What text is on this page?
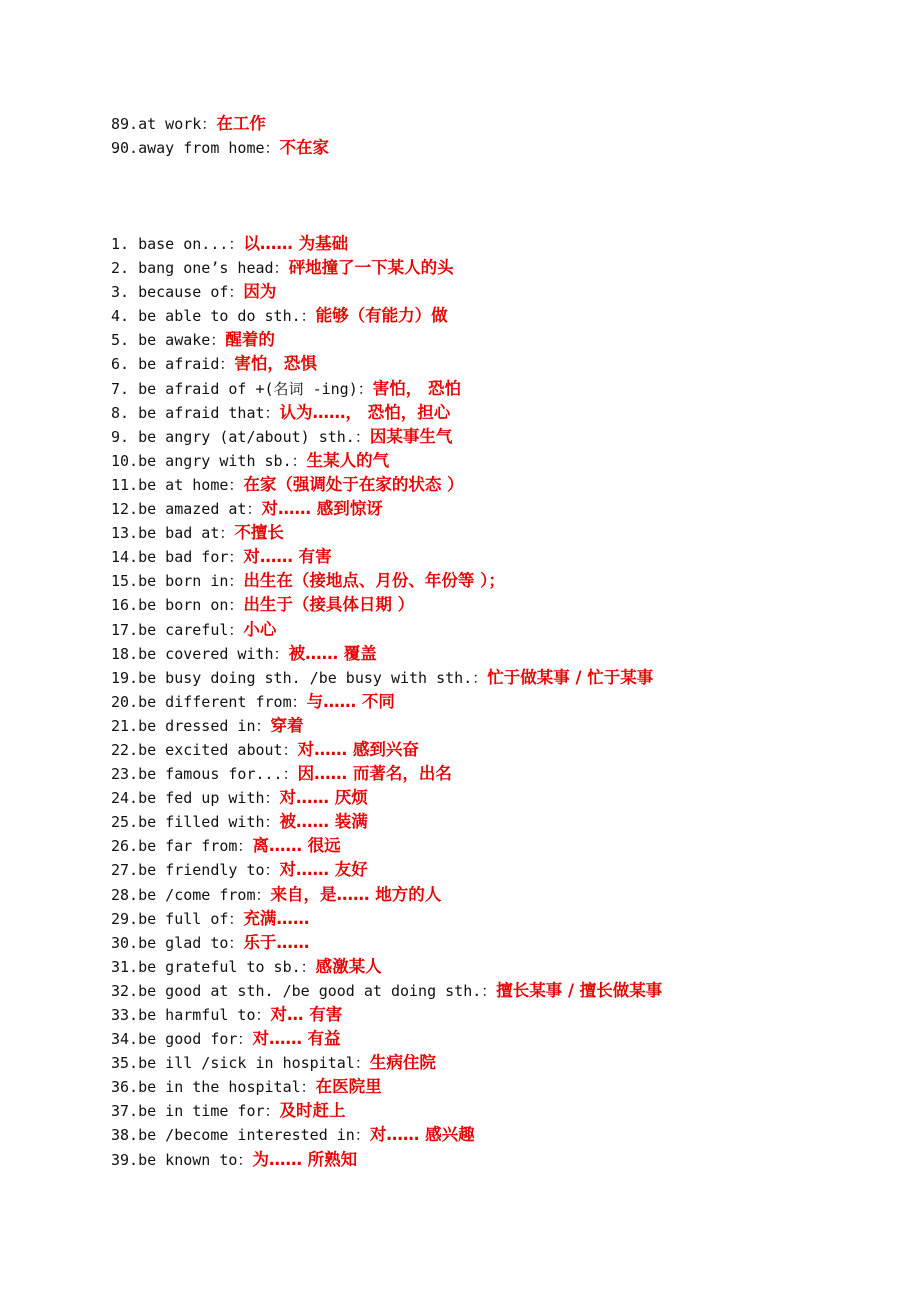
89.at work：在工作
90.away from home：不在家
1. base on...：以…… 为基础
2. bang one’s head：砰地撞了一下某人的头
3. because of：因为
4. be able to do sth.：能够（有能力）做
5. be awake：醒着的
6. be afraid：害怕，恐惧
7. be afraid of +(名词 -ing)：害怕， 恐怕
8. be afraid that：认为……， 恐怕，担心
9. be angry (at/about) sth.：因某事生气
10.be angry with sb.：生某人的气
11.be at home：在家（强调处于在家的状态 ）
12.be amazed at：对…… 感到惊讶
13.be bad at：不擅长
14.be bad for：对…… 有害
15.be born in：出生在（接地点、月份、年份等 ）；
16.be born on：出生于（接具体日期 ）
17.be careful：小心
18.be covered with：被…… 覆盖
19.be busy doing sth. /be busy with sth.：忙于做某事 / 忙于某事
20.be different from：与…… 不同
21.be dressed in：穿着
22.be excited about：对…… 感到兴奋
23.be famous for...：因…… 而著名，出名
24.be fed up with：对…… 厌烦
25.be filled with：被…… 装满
26.be far from：离…… 很远
27.be friendly to：对…… 友好
28.be /come from：来自，是…… 地方的人
29.be full of：充满……
30.be glad to：乐于……
31.be grateful to sb.：感激某人
32.be good at sth. /be good at doing sth.：擅长某事 / 擅长做某事
33.be harmful to：对… 有害
34.be good for：对…… 有益
35.be ill /sick in hospital：生病住院
36.be in the hospital：在医院里
37.be in time for：及时赶上
38.be /become interested in：对…… 感兴趣
39.be known to：为…… 所熟知
